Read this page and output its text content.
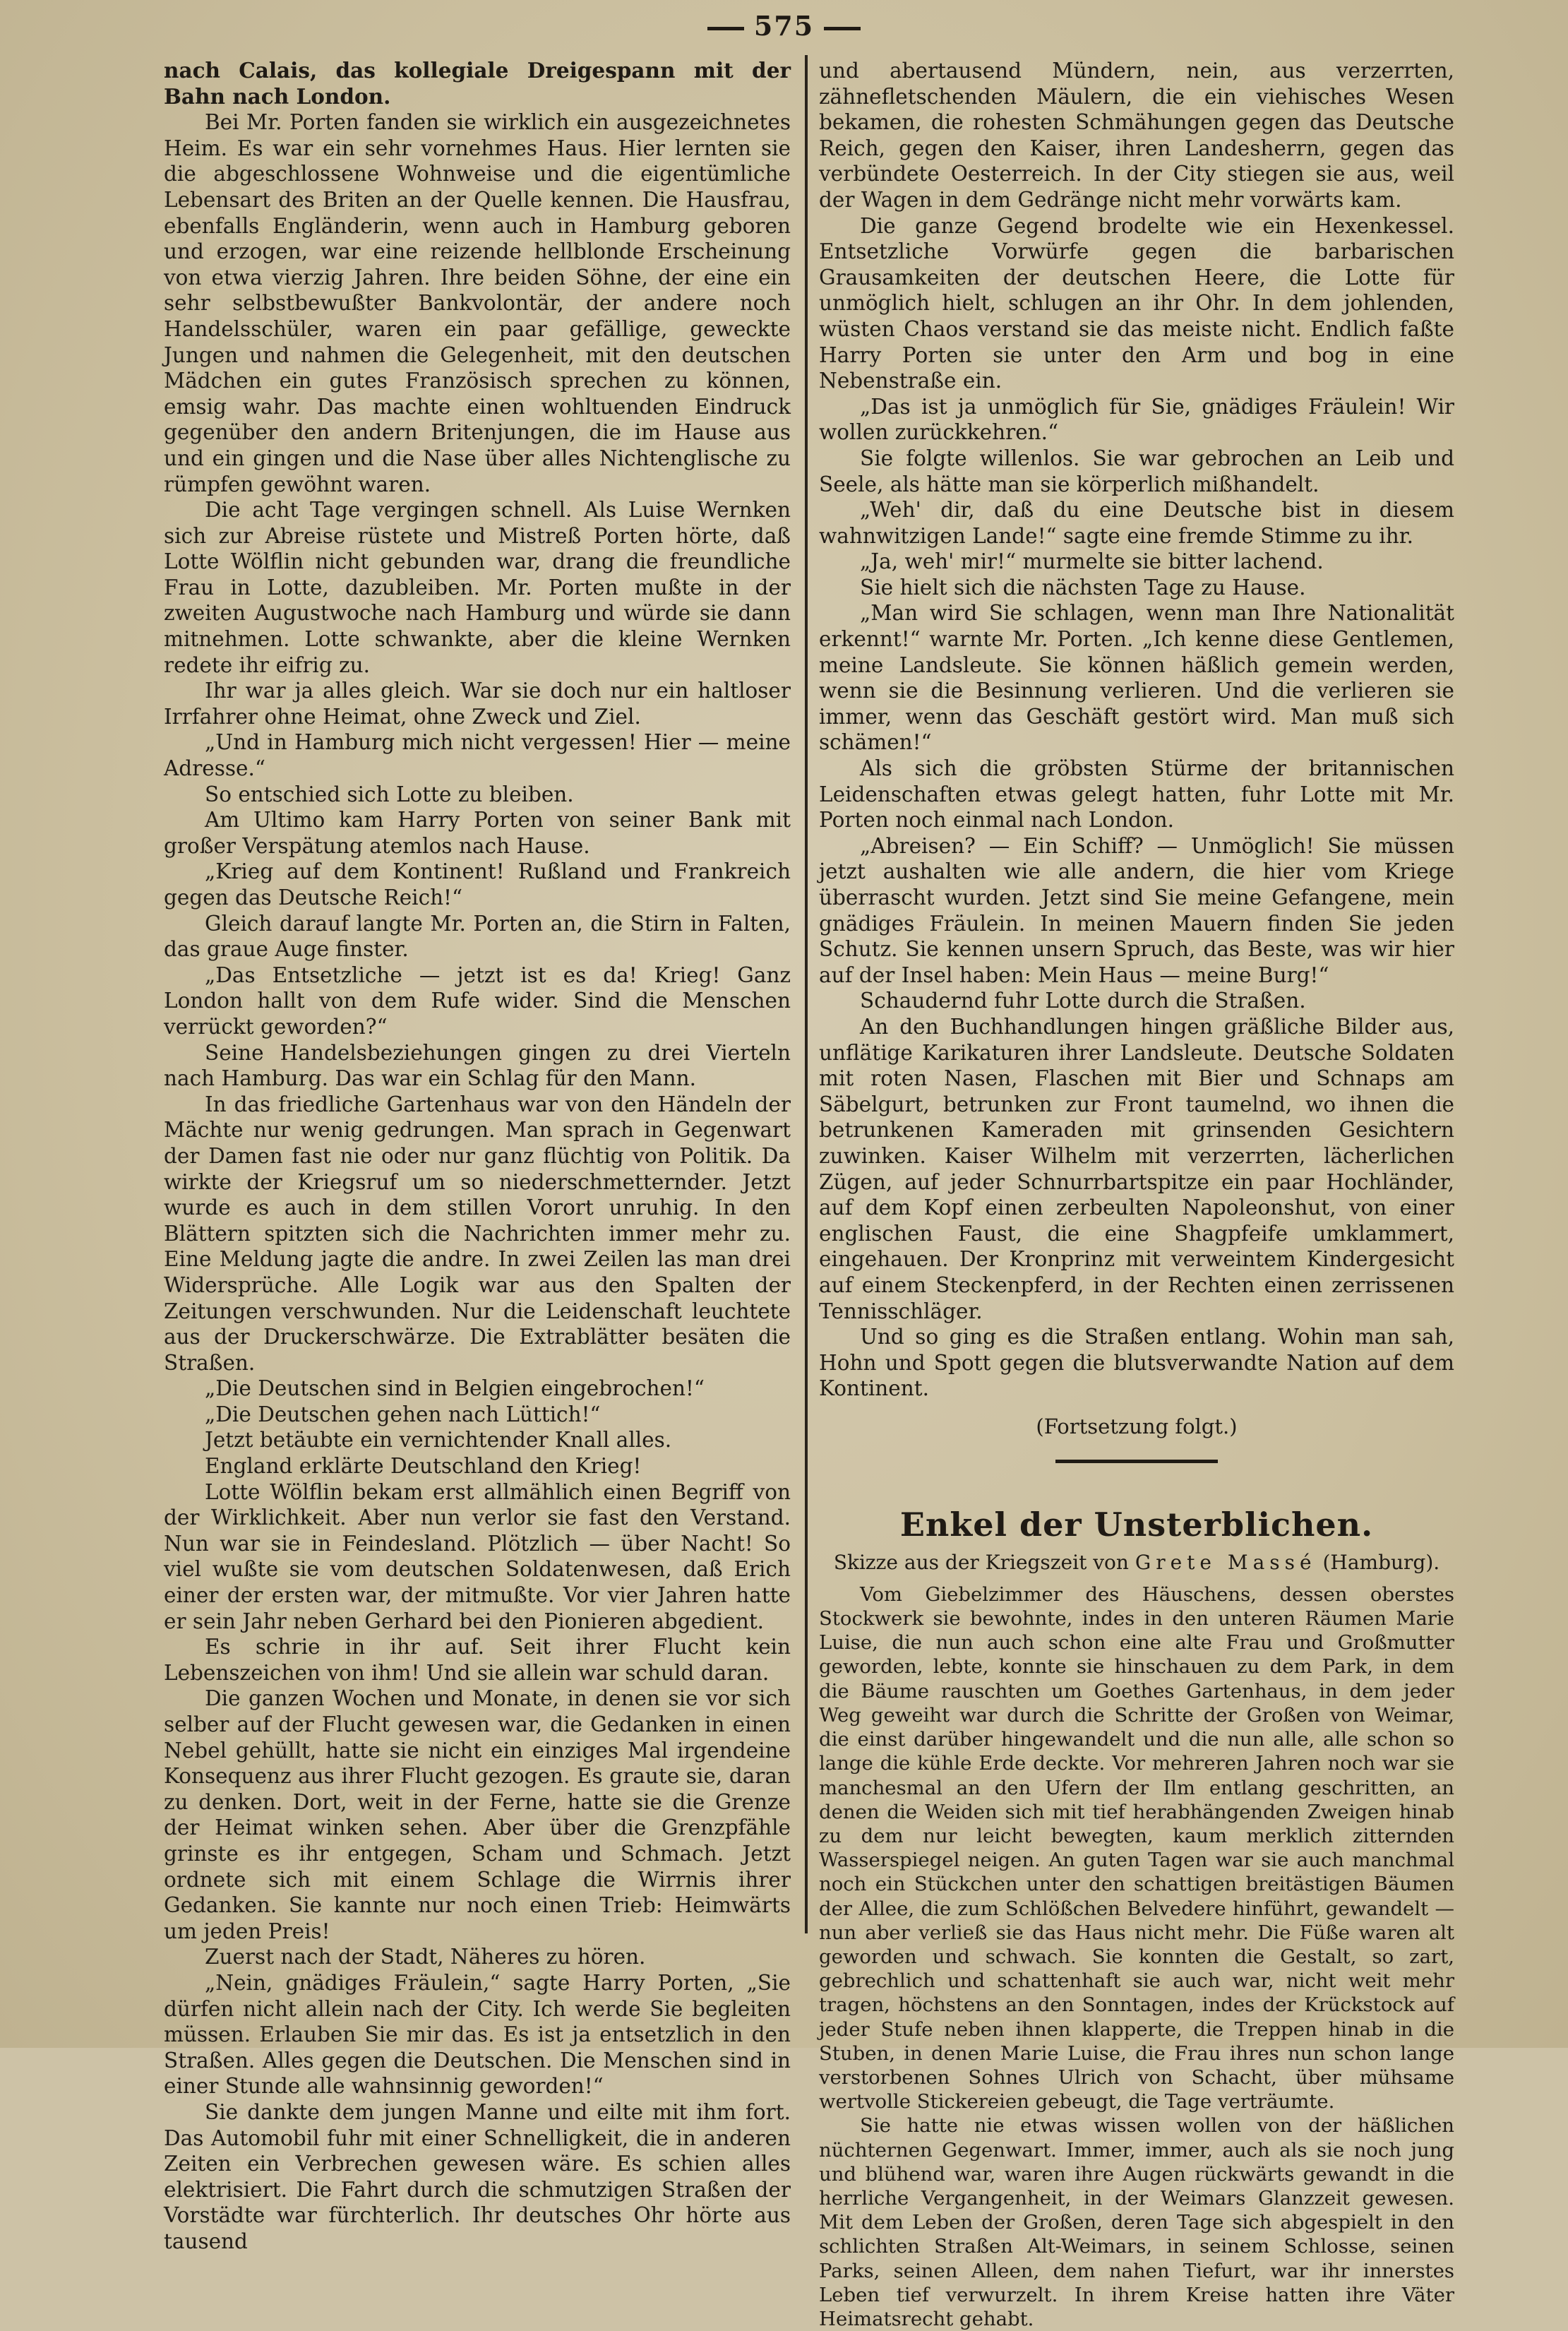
575

nach Calais, das kollegiale Dreigespann mit der Bahn nach London.

Bei Mr. Porten fanden sie wirklich ein ausgezeichnetes Heim. Es war ein sehr vornehmes Haus. Hier lernten sie die abgeschlossene Wohnweise und die eigentümliche Lebensart des Briten an der Quelle kennen. Die Hausfrau, ebenfalls Engländerin, wenn auch in Hamburg geboren und erzogen, war eine reizende hellblonde Erscheinung von etwa vierzig Jahren. Ihre beiden Söhne, der eine ein sehr selbstbewußter Bankvolontär, der andere noch Handelsschüler, waren ein paar gefällige, geweckte Jungen und nahmen die Gelegenheit, mit den deutschen Mädchen ein gutes Französisch sprechen zu können, emsig wahr. Das machte einen wohltuenden Eindruck gegenüber den andern Britenjungen, die im Hause aus und ein gingen und die Nase über alles Nichtenglische zu rümpfen gewöhnt waren.

Die acht Tage vergingen schnell. Als Luise Wernken sich zur Abreise rüstete und Mistreß Porten hörte, daß Lotte Wölflin nicht gebunden war, drang die freundliche Frau in Lotte, dazubleiben. Mr. Porten mußte in der zweiten Augustwoche nach Hamburg und würde sie dann mitnehmen. Lotte schwankte, aber die kleine Wernken redete ihr eifrig zu.

Ihr war ja alles gleich. War sie doch nur ein haltloser Irrfahrer ohne Heimat, ohne Zweck und Ziel.

„Und in Hamburg mich nicht vergessen! Hier — meine Adresse.“

So entschied sich Lotte zu bleiben.

Am Ultimo kam Harry Porten von seiner Bank mit großer Verspätung atemlos nach Hause.

„Krieg auf dem Kontinent! Rußland und Frankreich gegen das Deutsche Reich!“

Gleich darauf langte Mr. Porten an, die Stirn in Falten, das graue Auge finster.

„Das Entsetzliche — jetzt ist es da! Krieg! Ganz London hallt von dem Rufe wider. Sind die Menschen verrückt geworden?“

Seine Handelsbeziehungen gingen zu drei Vierteln nach Hamburg. Das war ein Schlag für den Mann.

In das friedliche Gartenhaus war von den Händeln der Mächte nur wenig gedrungen. Man sprach in Gegenwart der Damen fast nie oder nur ganz flüchtig von Politik. Da wirkte der Kriegsruf um so niederschmetternder. Jetzt wurde es auch in dem stillen Vorort unruhig. In den Blättern spitzten sich die Nachrichten immer mehr zu. Eine Meldung jagte die andre. In zwei Zeilen las man drei Widersprüche. Alle Logik war aus den Spalten der Zeitungen verschwunden. Nur die Leidenschaft leuchtete aus der Druckerschwärze. Die Extrablätter besäten die Straßen.

„Die Deutschen sind in Belgien eingebrochen!“

„Die Deutschen gehen nach Lüttich!“

Jetzt betäubte ein vernichtender Knall alles.

England erklärte Deutschland den Krieg!

Lotte Wölflin bekam erst allmählich einen Begriff von der Wirklichkeit. Aber nun verlor sie fast den Verstand. Nun war sie in Feindesland. Plötzlich — über Nacht! So viel wußte sie vom deutschen Soldatenwesen, daß Erich einer der ersten war, der mitmußte. Vor vier Jahren hatte er sein Jahr neben Gerhard bei den Pionieren abgedient.

Es schrie in ihr auf. Seit ihrer Flucht kein Lebenszeichen von ihm! Und sie allein war schuld daran.

Die ganzen Wochen und Monate, in denen sie vor sich selber auf der Flucht gewesen war, die Gedanken in einen Nebel gehüllt, hatte sie nicht ein einziges Mal irgendeine Konsequenz aus ihrer Flucht gezogen. Es graute sie, daran zu denken. Dort, weit in der Ferne, hatte sie die Grenze der Heimat winken sehen. Aber über die Grenzpfähle grinste es ihr entgegen, Scham und Schmach. Jetzt ordnete sich mit einem Schlage die Wirrnis ihrer Gedanken. Sie kannte nur noch einen Trieb: Heimwärts um jeden Preis!

Zuerst nach der Stadt, Näheres zu hören.

„Nein, gnädiges Fräulein,“ sagte Harry Porten, „Sie dürfen nicht allein nach der City. Ich werde Sie begleiten müssen. Erlauben Sie mir das. Es ist ja entsetzlich in den Straßen. Alles gegen die Deutschen. Die Menschen sind in einer Stunde alle wahnsinnig geworden!“

Sie dankte dem jungen Manne und eilte mit ihm fort. Das Automobil fuhr mit einer Schnelligkeit, die in anderen Zeiten ein Verbrechen gewesen wäre. Es schien alles elektrisiert. Die Fahrt durch die schmutzigen Straßen der Vorstädte war fürchterlich. Ihr deutsches Ohr hörte aus tausend

und abertausend Mündern, nein, aus verzerrten, zähnefletschenden Mäulern, die ein viehisches Wesen bekamen, die rohesten Schmähungen gegen das Deutsche Reich, gegen den Kaiser, ihren Landesherrn, gegen das verbündete Oesterreich. In der City stiegen sie aus, weil der Wagen in dem Gedränge nicht mehr vorwärts kam.

Die ganze Gegend brodelte wie ein Hexenkessel. Entsetzliche Vorwürfe gegen die barbarischen Grausamkeiten der deutschen Heere, die Lotte für unmöglich hielt, schlugen an ihr Ohr. In dem johlenden, wüsten Chaos verstand sie das meiste nicht. Endlich faßte Harry Porten sie unter den Arm und bog in eine Nebenstraße ein.

„Das ist ja unmöglich für Sie, gnädiges Fräulein! Wir wollen zurückkehren.“

Sie folgte willenlos. Sie war gebrochen an Leib und Seele, als hätte man sie körperlich mißhandelt.

„Weh' dir, daß du eine Deutsche bist in diesem wahnwitzigen Lande!“ sagte eine fremde Stimme zu ihr.

„Ja, weh' mir!“ murmelte sie bitter lachend.

Sie hielt sich die nächsten Tage zu Hause.

„Man wird Sie schlagen, wenn man Ihre Nationalität erkennt!“ warnte Mr. Porten. „Ich kenne diese Gentlemen, meine Landsleute. Sie können häßlich gemein werden, wenn sie die Besinnung verlieren. Und die verlieren sie immer, wenn das Geschäft gestört wird. Man muß sich schämen!“

Als sich die gröbsten Stürme der britannischen Leidenschaften etwas gelegt hatten, fuhr Lotte mit Mr. Porten noch einmal nach London.

„Abreisen? — Ein Schiff? — Unmöglich! Sie müssen jetzt aushalten wie alle andern, die hier vom Kriege überrascht wurden. Jetzt sind Sie meine Gefangene, mein gnädiges Fräulein. In meinen Mauern finden Sie jeden Schutz. Sie kennen unsern Spruch, das Beste, was wir hier auf der Insel haben: Mein Haus — meine Burg!“

Schaudernd fuhr Lotte durch die Straßen.

An den Buchhandlungen hingen gräßliche Bilder aus, unflätige Karikaturen ihrer Landsleute. Deutsche Soldaten mit roten Nasen, Flaschen mit Bier und Schnaps am Säbelgurt, betrunken zur Front taumelnd, wo ihnen die betrunkenen Kameraden mit grinsenden Gesichtern zuwinken. Kaiser Wilhelm mit verzerrten, lächerlichen Zügen, auf jeder Schnurrbartspitze ein paar Hochländer, auf dem Kopf einen zerbeulten Napoleonshut, von einer englischen Faust, die eine Shagpfeife umklammert, eingehauen. Der Kronprinz mit verweintem Kindergesicht auf einem Steckenpferd, in der Rechten einen zerrissenen Tennisschläger.

Und so ging es die Straßen entlang. Wohin man sah, Hohn und Spott gegen die blutsverwandte Nation auf dem Kontinent.

(Fortsetzung folgt.)
Enkel der Unsterblichen.
Skizze aus der Kriegszeit von Grete Massé (Hamburg).

Vom Giebelzimmer des Häuschens, dessen oberstes Stockwerk sie bewohnte, indes in den unteren Räumen Marie Luise, die nun auch schon eine alte Frau und Großmutter geworden, lebte, konnte sie hinschauen zu dem Park, in dem die Bäume rauschten um Goethes Gartenhaus, in dem jeder Weg geweiht war durch die Schritte der Großen von Weimar, die einst darüber hingewandelt und die nun alle, alle schon so lange die kühle Erde deckte. Vor mehreren Jahren noch war sie manchesmal an den Ufern der Ilm entlang geschritten, an denen die Weiden sich mit tief herabhängenden Zweigen hinab zu dem nur leicht bewegten, kaum merklich zitternden Wasserspiegel neigen. An guten Tagen war sie auch manchmal noch ein Stückchen unter den schattigen breitästigen Bäumen der Allee, die zum Schlößchen Belvedere hinführt, gewandelt — nun aber verließ sie das Haus nicht mehr. Die Füße waren alt geworden und schwach. Sie konnten die Gestalt, so zart, gebrechlich und schattenhaft sie auch war, nicht weit mehr tragen, höchstens an den Sonntagen, indes der Krückstock auf jeder Stufe neben ihnen klapperte, die Treppen hinab in die Stuben, in denen Marie Luise, die Frau ihres nun schon lange verstorbenen Sohnes Ulrich von Schacht, über mühsame wertvolle Stickereien gebeugt, die Tage verträumte.

Sie hatte nie etwas wissen wollen von der häßlichen nüchternen Gegenwart. Immer, immer, auch als sie noch jung und blühend war, waren ihre Augen rückwärts gewandt in die herrliche Vergangenheit, in der Weimars Glanzzeit gewesen. Mit dem Leben der Großen, deren Tage sich abgespielt in den schlichten Straßen Alt-Weimars, in seinem Schlosse, seinen Parks, seinen Alleen, dem nahen Tiefurt, war ihr innerstes Leben tief verwurzelt. In ihrem Kreise hatten ihre Väter Heimatsrecht gehabt.
